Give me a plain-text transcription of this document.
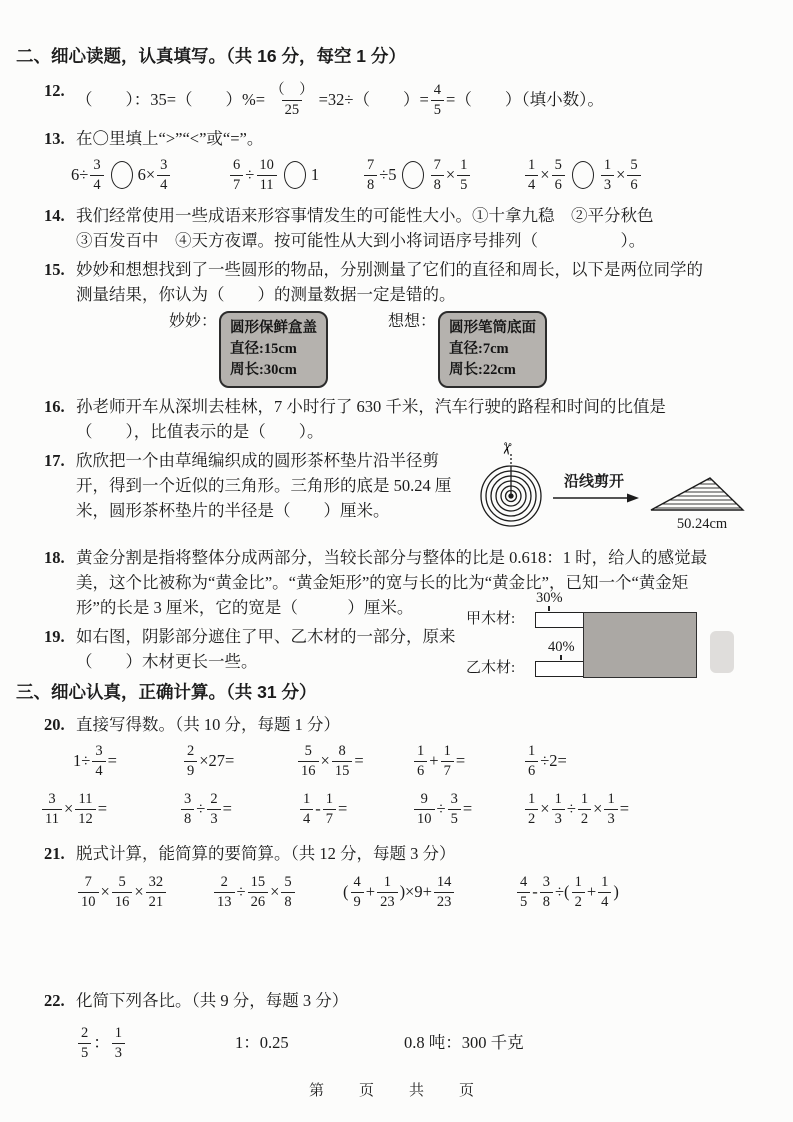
二、细心读题，认真填写。（共 16 分，每空 1 分）
12. （　　）：35=（　　）%= $\frac{( )}{25} =32\div$（　　）= $\frac{4}{5}$ =（　　）（填小数）。
13. 在〇里填上“>”“<”或“=”。
$6\div \frac{3}{4} 6\times \frac{3}{4}$	$\frac{6}{7} \div \frac{10}{11} 1$	$\frac{7}{8} \div 5 \frac{7}{8} \times \frac{1}{5}$	$\frac{1}{4} \times \frac{5}{6} \frac{1}{3} \times \frac{5}{6}$
14. 我们经常使用一些成语来形容事情发生的可能性大小。①十拿九稳　②平分秋色
③百发百中　④天方夜谭。按可能性从大到小将词语序号排列（　　　　　）。
15. 妙妙和想想找到了一些圆形的物品，分别测量了它们的直径和周长，以下是两位同学的
测量结果，你认为（　　）的测量数据一定是错的。
妙妙： 圆形保鲜盒盖
直径:15cm
周长:30cm
想想： 圆形笔筒底面
直径:7cm
周长:22cm
16. 孙老师开车从深圳去桂林，7 小时行了 630 千米，汽车行驶的路程和时间的比值是
（　　），比值表示的是（　　）。
17. 欣欣把一个由草绳编织成的圆形茶杯垫片沿半径剪
开，得到一个近似的三角形。三角形的底是 50.24 厘
米，圆形茶杯垫片的半径是（　　）厘米。
✂
沿线剪开
50.24cm
18. 黄金分割是指将整体分成两部分，当较长部分与整体的比是 0.618：1 时，给人的感觉最
美，这个比被称为“黄金比”。“黄金矩形”的宽与长的比为“黄金比”，已知一个“黄金矩
形”的长是 3 厘米，它的宽是（　　　）厘米。
19. 如右图，阴影部分遮住了甲、乙木材的一部分，原来
（　　）木材更长一些。
30%
甲木材:
40%
乙木材:
三、细心认真，正确计算。（共 31 分）
20. 直接写得数。（共 10 分，每题 1 分）
$1\div \frac{3}{4}$ =	$\frac{2}{9} \times 27=$	$\frac{5}{16} \times \frac{8}{15}$ =	$\frac{1}{6} + \frac{1}{7}$ =	$\frac{1}{6} \div 2=$
$\frac{3}{11} \times \frac{11}{12}$ =	$\frac{3}{8} \div \frac{2}{3}$ =	$\frac{1}{4} - \frac{1}{7}$ =	$\frac{9}{10} \div \frac{3}{5}$ =	$\frac{1}{2} \times \frac{1}{3} \div \frac{1}{2} \times \frac{1}{3}$ =
21. 脱式计算，能简算的要简算。（共 12 分，每题 3 分）
$\frac{7}{10} \times \frac{5}{16} \times \frac{32}{21}$	$\frac{2}{13} \div \frac{15}{26} \times \frac{5}{8}$	( $\frac{4}{9} + \frac{1}{23} )\times 9+ \frac{14}{23}$	$\frac{4}{5} - \frac{3}{8}$ ÷( $\frac{1}{2} + \frac{1}{4}$ )
22. 化简下列各比。（共 9 分，每题 3 分）
$\frac{2}{5}$ ： $\frac{1}{3}$	1：0.25	0.8 吨：300 千克
第　页　共　页
